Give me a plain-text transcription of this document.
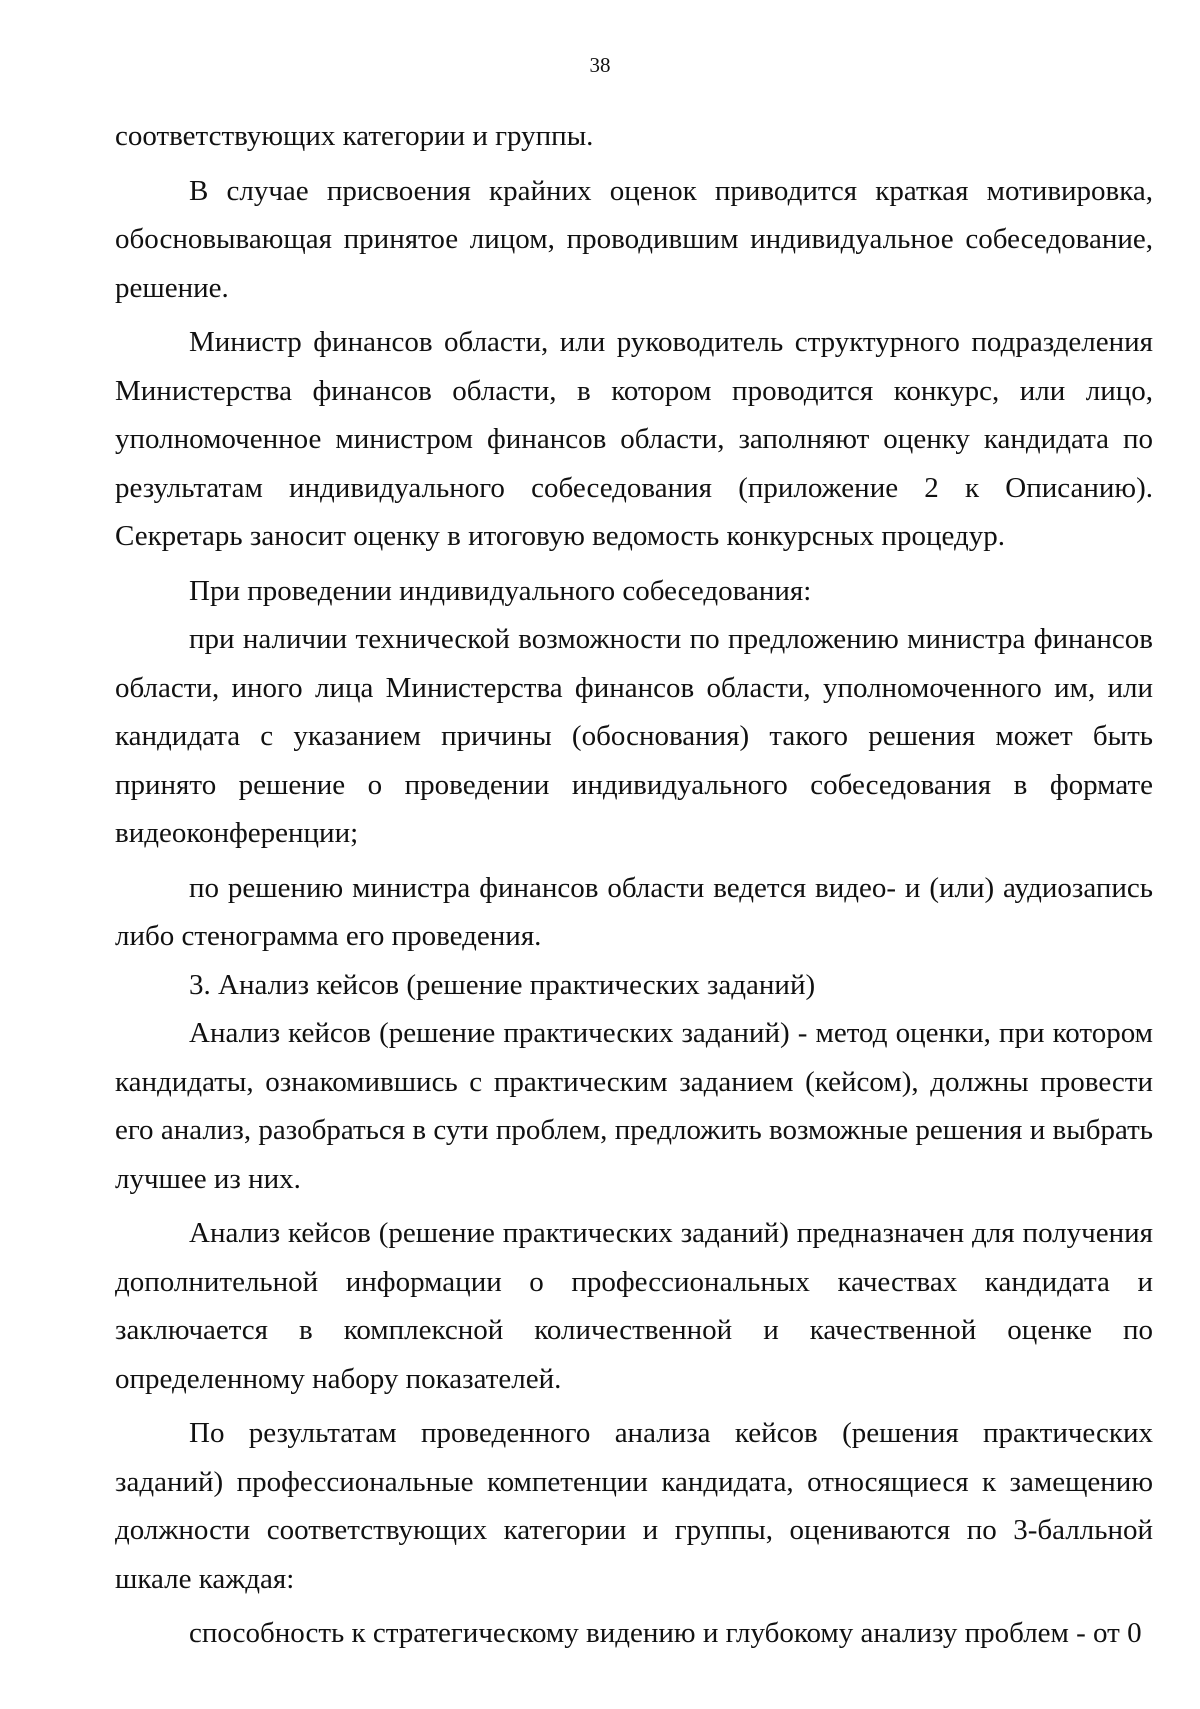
38

соответствующих категории и группы.

В случае присвоения крайних оценок приводится краткая мотивировка, обосновывающая принятое лицом, проводившим индивидуальное собеседование, решение.

Министр финансов области, или руководитель структурного подразделения Министерства финансов области, в котором проводится конкурс, или лицо, уполномоченное министром финансов области, заполняют оценку кандидата по результатам индивидуального собеседования (приложение 2 к Описанию). Секретарь заносит оценку в итоговую ведомость конкурсных процедур.

При проведении индивидуального собеседования:

при наличии технической возможности по предложению министра финансов области, иного лица Министерства финансов области, уполномоченного им, или кандидата с указанием причины (обоснования) такого решения может быть принято решение о проведении индивидуального собеседования в формате видеоконференции;

по решению министра финансов области ведется видео- и (или) аудиозапись либо стенограмма его проведения.

3. Анализ кейсов (решение практических заданий)

Анализ кейсов (решение практических заданий) - метод оценки, при котором кандидаты, ознакомившись с практическим заданием (кейсом), должны провести его анализ, разобраться в сути проблем, предложить возможные решения и выбрать лучшее из них.

Анализ кейсов (решение практических заданий) предназначен для получения дополнительной информации о профессиональных качествах кандидата и заключается в комплексной количественной и качественной оценке по определенному набору показателей.

По результатам проведенного анализа кейсов (решения практических заданий) профессиональные компетенции кандидата, относящиеся к замещению должности соответствующих категории и группы, оцениваются по 3-балльной шкале каждая:

способность к стратегическому видению и глубокому анализу проблем - от 0
